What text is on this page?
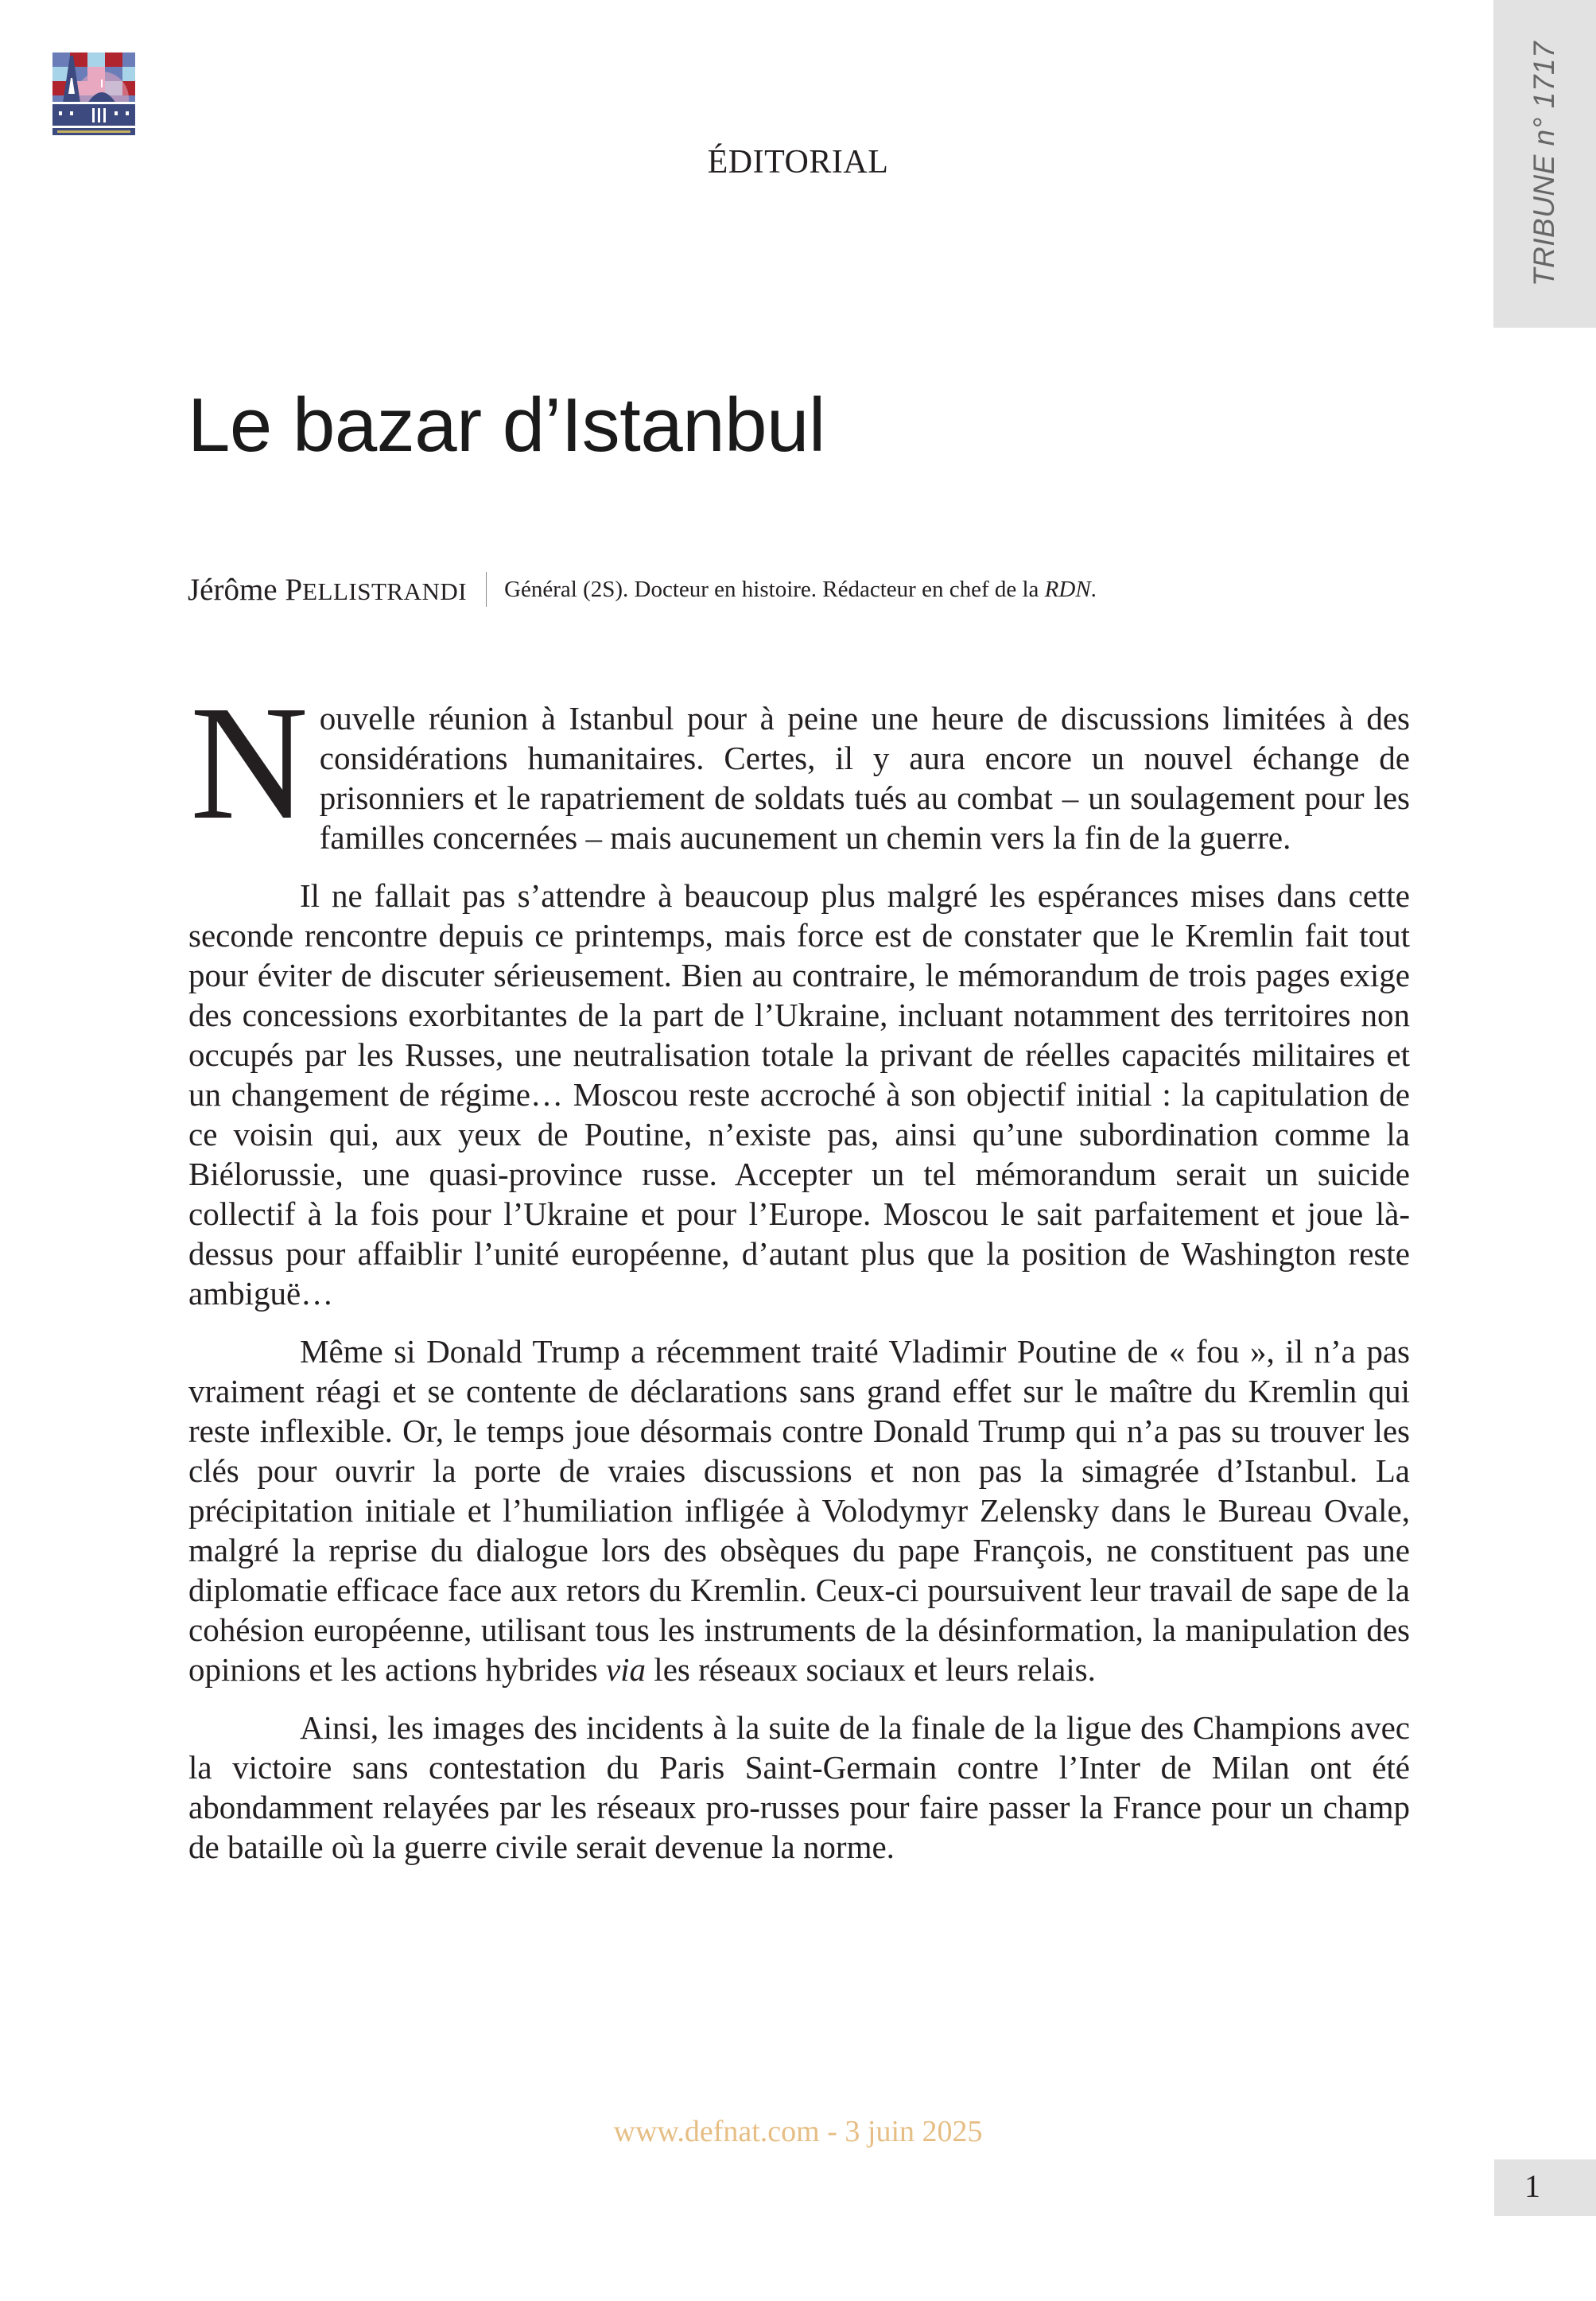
TRIBUNE n° 1717
ÉDITORIAL
Le bazar d’Istanbul
Jérôme PELLISTRANDI Général (2S). Docteur en histoire. Rédacteur en chef de la RDN.

Nouvelle réunion à Istanbul pour à peine une heure de discussions limitées à des considérations humanitaires. Certes, il y aura encore un nouvel échange de prisonniers et le rapatriement de soldats tués au combat – un soulagement pour les familles concernées – mais aucunement un chemin vers la fin de la guerre.

Il ne fallait pas s’attendre à beaucoup plus malgré les espérances mises dans cette seconde rencontre depuis ce printemps, mais force est de constater que le Kremlin fait tout pour éviter de discuter sérieusement. Bien au contraire, le mémorandum de trois pages exige des concessions exorbitantes de la part de l’Ukraine, incluant notamment des territoires non occupés par les Russes, une neutralisation totale la privant de réelles capacités militaires et un changement de régime… Moscou reste accroché à son objectif initial : la capitulation de ce voisin qui, aux yeux de Poutine, n’existe pas, ainsi qu’une subordination comme la Biélorussie, une quasi-province russe. Accepter un tel mémorandum serait un suicide collectif à la fois pour l’Ukraine et pour l’Europe. Moscou le sait parfaitement et joue là-dessus pour affaiblir l’unité européenne, d’autant plus que la position de Washington reste ambiguë…

Même si Donald Trump a récemment traité Vladimir Poutine de « fou », il n’a pas vraiment réagi et se contente de déclarations sans grand effet sur le maître du Kremlin qui reste inflexible. Or, le temps joue désormais contre Donald Trump qui n’a pas su trouver les clés pour ouvrir la porte de vraies discussions et non pas la simagrée d’Istanbul. La précipitation initiale et l’humiliation infligée à Volodymyr Zelensky dans le Bureau Ovale, malgré la reprise du dialogue lors des obsèques du pape François, ne constituent pas une diplomatie efficace face aux retors du Kremlin. Ceux-ci poursuivent leur travail de sape de la cohésion européenne, utilisant tous les instruments de la désinformation, la manipulation des opinions et les actions hybrides via les réseaux sociaux et leurs relais.

Ainsi, les images des incidents à la suite de la finale de la ligue des Champions avec la victoire sans contestation du Paris Saint-Germain contre l’Inter de Milan ont été abondamment relayées par les réseaux pro-russes pour faire passer la France pour un champ de bataille où la guerre civile serait devenue la norme.

www.defnat.com - 3 juin 2025
1
